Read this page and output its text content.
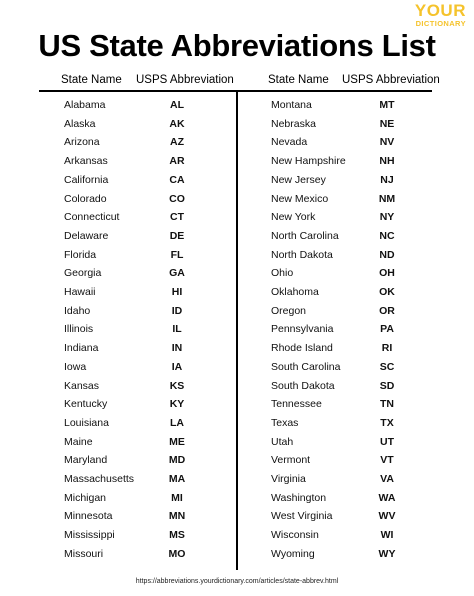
YOUR
DICTIONARY
US State Abbreviations List
State Name USPS Abbreviation	State Name USPS Abbreviation
Alabama	AL
Alaska	AK
Arizona	AZ
Arkansas	AR
California	CA
Colorado	CO
Connecticut	CT
Delaware	DE
Florida	FL
Georgia	GA
Hawaii	HI
Idaho	ID
Illinois	IL
Indiana	IN
Iowa	IA
Kansas	KS
Kentucky	KY
Louisiana	LA
Maine	ME
Maryland	MD
Massachusetts	MA
Michigan	MI
Minnesota	MN
Mississippi	MS
Missouri	MO
Montana	MT
Nebraska	NE
Nevada	NV
New Hampshire	NH
New Jersey	NJ
New Mexico	NM
New York	NY
North Carolina	NC
North Dakota	ND
Ohio	OH
Oklahoma	OK
Oregon	OR
Pennsylvania	PA
Rhode Island	RI
South Carolina	SC
South Dakota	SD
Tennessee	TN
Texas	TX
Utah	UT
Vermont	VT
Virginia	VA
Washington	WA
West Virginia	WV
Wisconsin	WI
Wyoming	WY
https://abbreviations.yourdictionary.com/articles/state-abbrev.html
